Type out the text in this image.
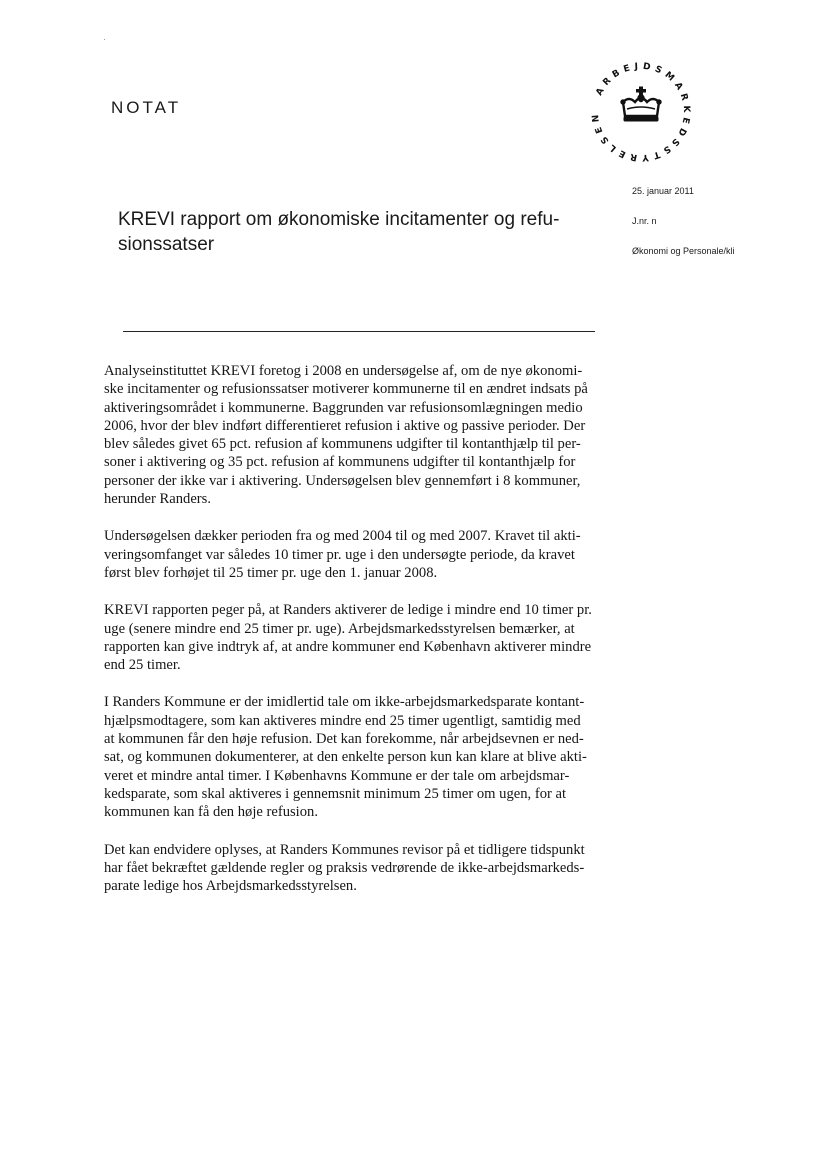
NOTAT
ARBEJDSMARKEDSSTYRELSEN
25. januar 2011
J.nr. n
Økonomi og Personale/kli
KREVI rapport om økonomiske incitamenter og refu-
sionssatser

Analyseinstituttet KREVI foretog i 2008 en undersøgelse af, om de nye økonomi-
ske incitamenter og refusionssatser motiverer kommunerne til en ændret indsats på
aktiveringsområdet i kommunerne. Baggrunden var refusionsomlægningen medio
2006, hvor der blev indført differentieret refusion i aktive og passive perioder. Der
blev således givet 65 pct. refusion af kommunens udgifter til kontanthjælp til per-
soner i aktivering og 35 pct. refusion af kommunens udgifter til kontanthjælp for
personer der ikke var i aktivering. Undersøgelsen blev gennemført i 8 kommuner,
herunder Randers.

Undersøgelsen dækker perioden fra og med 2004 til og med 2007. Kravet til akti-
veringsomfanget var således 10 timer pr. uge i den undersøgte periode, da kravet
først blev forhøjet til 25 timer pr. uge den 1. januar 2008.

KREVI rapporten peger på, at Randers aktiverer de ledige i mindre end 10 timer pr.
uge (senere mindre end 25 timer pr. uge). Arbejdsmarkedsstyrelsen bemærker, at
rapporten kan give indtryk af, at andre kommuner end København aktiverer mindre
end 25 timer.

I Randers Kommune er der imidlertid tale om ikke-arbejdsmarkedsparate kontant-
hjælpsmodtagere, som kan aktiveres mindre end 25 timer ugentligt, samtidig med
at kommunen får den høje refusion. Det kan forekomme, når arbejdsevnen er ned-
sat, og kommunen dokumenterer, at den enkelte person kun kan klare at blive akti-
veret et mindre antal timer. I Københavns Kommune er der tale om arbejdsmar-
kedsparate, som skal aktiveres i gennemsnit minimum 25 timer om ugen, for at
kommunen kan få den høje refusion.

Det kan endvidere oplyses, at Randers Kommunes revisor på et tidligere tidspunkt
har fået bekræftet gældende regler og praksis vedrørende de ikke-arbejdsmarkeds-
parate ledige hos Arbejdsmarkedsstyrelsen.
